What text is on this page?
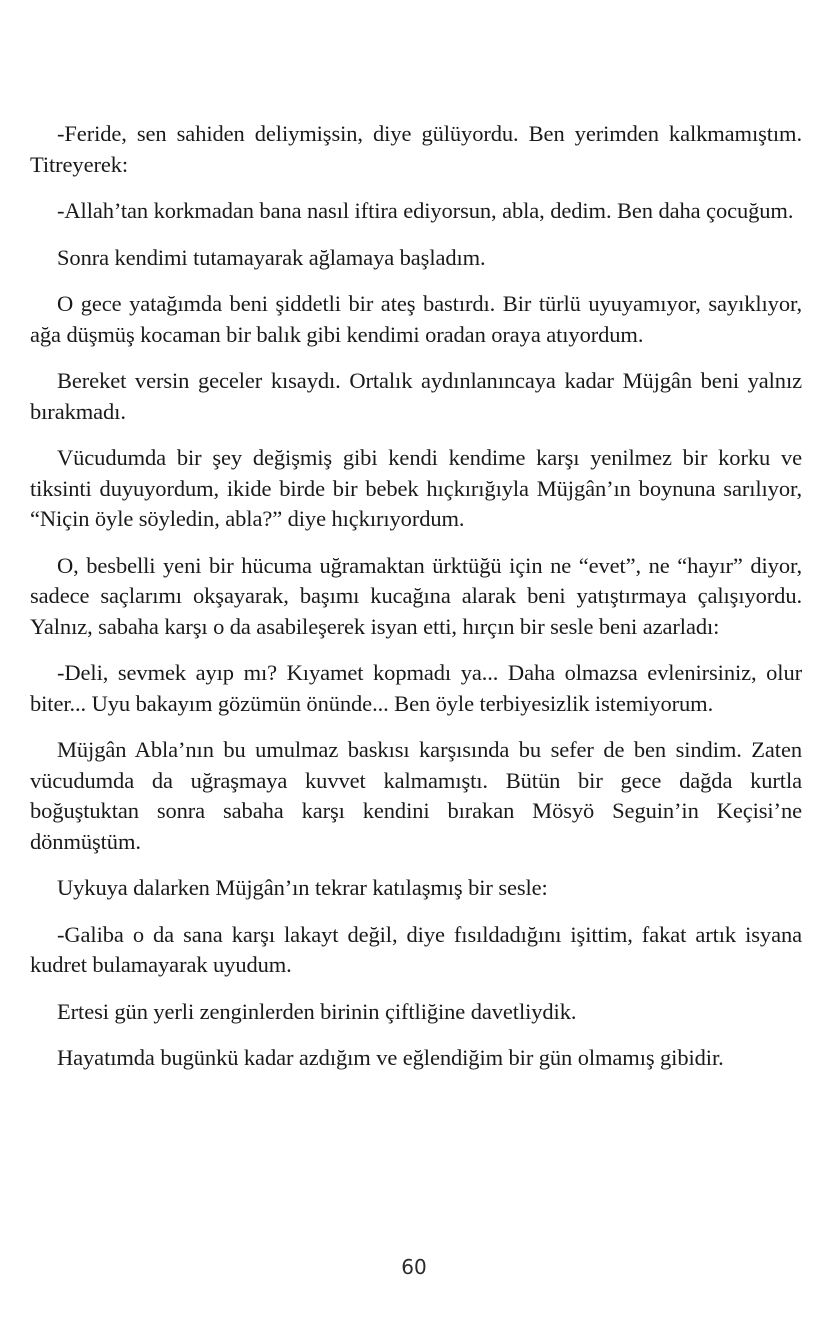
-Feride, sen sahiden deliymişsin, diye gülüyordu. Ben yerimden kalkmamıştım. Titreyerek:

-Allah’tan korkmadan bana nasıl iftira ediyorsun, abla, dedim. Ben daha çocuğum.

Sonra kendimi tutamayarak ağlamaya başladım.

O gece yatağımda beni şiddetli bir ateş bastırdı. Bir türlü uyuyamıyor, sayıklıyor, ağa düşmüş kocaman bir balık gibi kendimi oradan oraya atıyordum.

Bereket versin geceler kısaydı. Ortalık aydınlanıncaya kadar Müjgân beni yalnız bırakmadı.

Vücudumda bir şey değişmiş gibi kendi kendime karşı yenilmez bir korku ve tiksinti duyuyordum, ikide birde bir bebek hıçkırığıyla Müjgân’ın boynuna sarılıyor, “Niçin öyle söyledin, abla?” diye hıçkırıyordum.

O, besbelli yeni bir hücuma uğramaktan ürktüğü için ne “evet”, ne “hayır” diyor, sadece saçlarımı okşayarak, başımı kucağına alarak beni yatıştırmaya çalışıyordu. Yalnız, sabaha karşı o da asabileşerek isyan etti, hırçın bir sesle beni azarladı:

-Deli, sevmek ayıp mı? Kıyamet kopmadı ya... Daha olmazsa evlenirsiniz, olur biter... Uyu bakayım gözümün önünde... Ben öyle terbiyesizlik istemiyorum.

Müjgân Abla’nın bu umulmaz baskısı karşısında bu sefer de ben sindim. Zaten vücudumda da uğraşmaya kuvvet kalmamıştı. Bütün bir gece dağda kurtla boğuştuktan sonra sabaha karşı kendini bırakan Mösyö Seguin’in Keçisi’ne dönmüştüm.

Uykuya dalarken Müjgân’ın tekrar katılaşmış bir sesle:

-Galiba o da sana karşı lakayt değil, diye fısıldadığını işittim, fakat artık isyana kudret bulamayarak uyudum.

Ertesi gün yerli zenginlerden birinin çiftliğine davetliydik.

Hayatımda bugünkü kadar azdığım ve eğlendiğim bir gün olmamış gibidir.

60
